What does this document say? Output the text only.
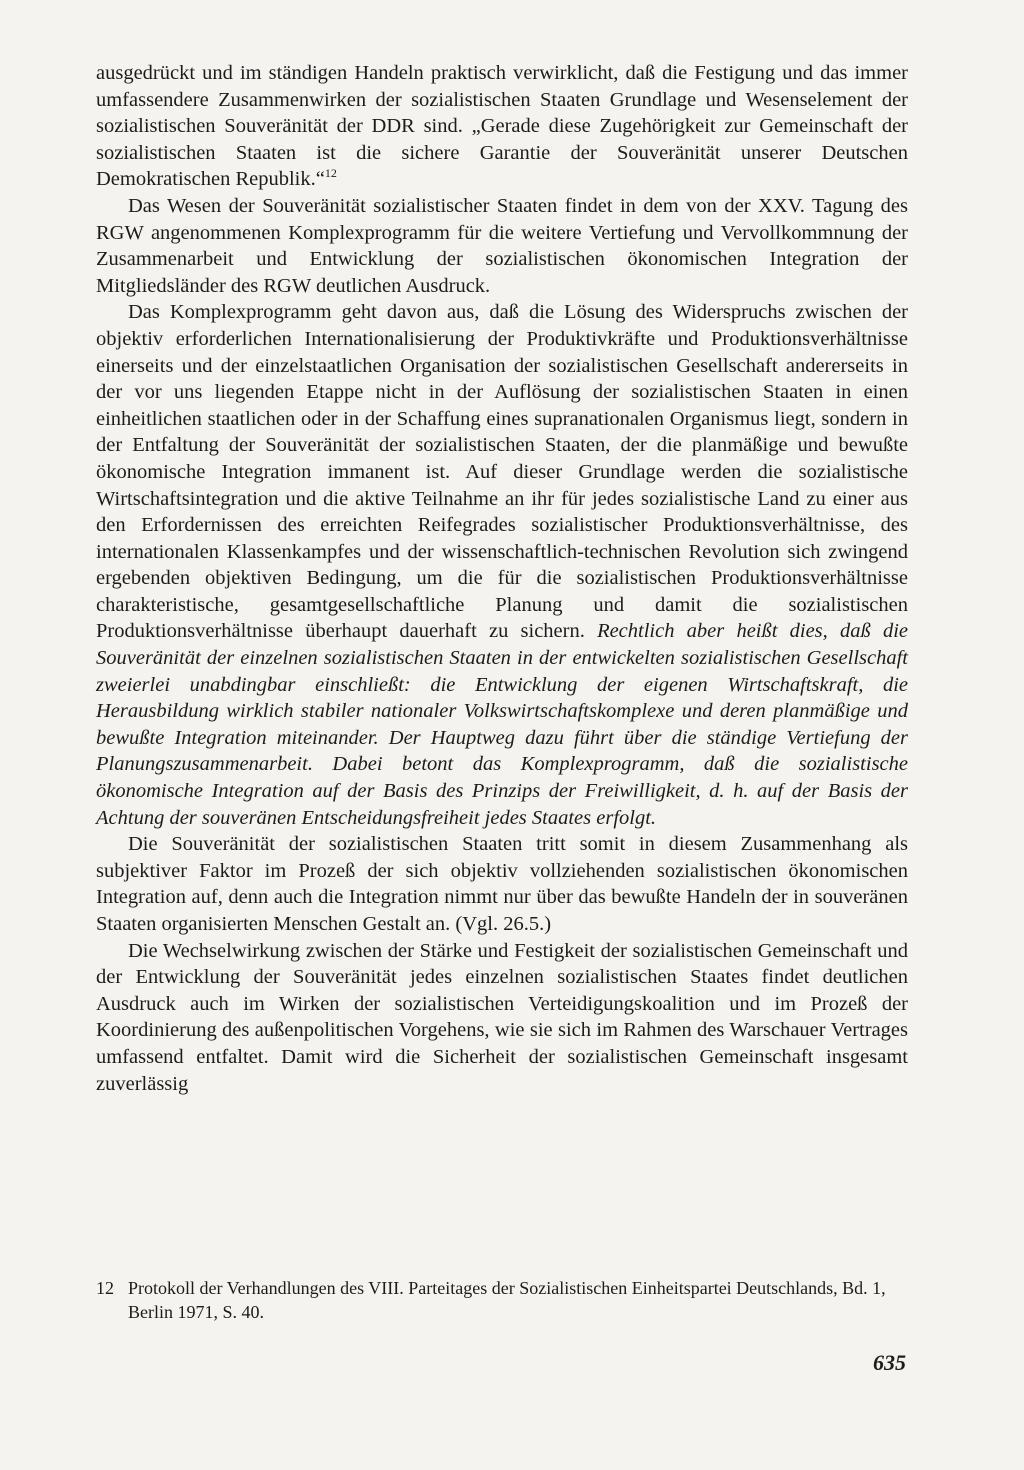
ausgedrückt und im ständigen Handeln praktisch verwirklicht, daß die Festigung und das immer umfassendere Zusammenwirken der sozialistischen Staaten Grundlage und Wesenselement der sozialistischen Souveränität der DDR sind. „Gerade diese Zugehörigkeit zur Gemeinschaft der sozialistischen Staaten ist die sichere Garantie der Souveränität unserer Deutschen Demokratischen Republik.“$^{12}$

Das Wesen der Souveränität sozialistischer Staaten findet in dem von der XXV. Tagung des RGW angenommenen Komplexprogramm für die weitere Vertiefung und Vervollkommnung der Zusammenarbeit und Entwicklung der sozialistischen ökonomischen Integration der Mitgliedsländer des RGW deutlichen Ausdruck.

Das Komplexprogramm geht davon aus, daß die Lösung des Widerspruchs zwischen der objektiv erforderlichen Internationalisierung der Produktivkräfte und Produktionsverhältnisse einerseits und der einzelstaatlichen Organisation der sozialistischen Gesellschaft andererseits in der vor uns liegenden Etappe nicht in der Auflösung der sozialistischen Staaten in einen einheitlichen staatlichen oder in der Schaffung eines supranationalen Organismus liegt, sondern in der Entfaltung der Souveränität der sozialistischen Staaten, der die planmäßige und bewußte ökonomische Integration immanent ist. Auf dieser Grundlage werden die sozialistische Wirtschaftsintegration und die aktive Teilnahme an ihr für jedes sozialistische Land zu einer aus den Erfordernissen des erreichten Reifegrades sozialistischer Produktionsverhältnisse, des internationalen Klassenkampfes und der wissenschaftlich-technischen Revolution sich zwingend ergebenden objektiven Bedingung, um die für die sozialistischen Produktionsverhältnisse charakteristische, gesamtgesellschaftliche Planung und damit die sozialistischen Produktionsverhältnisse überhaupt dauerhaft zu sichern. Rechtlich aber heißt dies, daß die Souveränität der einzelnen sozialistischen Staaten in der entwickelten sozialistischen Gesellschaft zweierlei unabdingbar einschließt: die Entwicklung der eigenen Wirtschaftskraft, die Herausbildung wirklich stabiler nationaler Volkswirtschaftskomplexe und deren planmäßige und bewußte Integration miteinander. Der Hauptweg dazu führt über die ständige Vertiefung der Planungszusammenarbeit. Dabei betont das Komplexprogramm, daß die sozialistische ökonomische Integration auf der Basis des Prinzips der Freiwilligkeit, d. h. auf der Basis der Achtung der souveränen Entscheidungsfreiheit jedes Staates erfolgt.

Die Souveränität der sozialistischen Staaten tritt somit in diesem Zusammenhang als subjektiver Faktor im Prozeß der sich objektiv vollziehenden sozialistischen ökonomischen Integration auf, denn auch die Integration nimmt nur über das bewußte Handeln der in souveränen Staaten organisierten Menschen Gestalt an. (Vgl. 26.5.)

Die Wechselwirkung zwischen der Stärke und Festigkeit der sozialistischen Gemeinschaft und der Entwicklung der Souveränität jedes einzelnen sozialistischen Staates findet deutlichen Ausdruck auch im Wirken der sozialistischen Verteidigungskoalition und im Prozeß der Koordinierung des außenpolitischen Vorgehens, wie sie sich im Rahmen des Warschauer Vertrages umfassend entfaltet. Damit wird die Sicherheit der sozialistischen Gemeinschaft insgesamt zuverlässig

12 Protokoll der Verhandlungen des VIII. Parteitages der Sozialistischen Einheitspartei Deutschlands, Bd. 1, Berlin 1971, S. 40.
635
